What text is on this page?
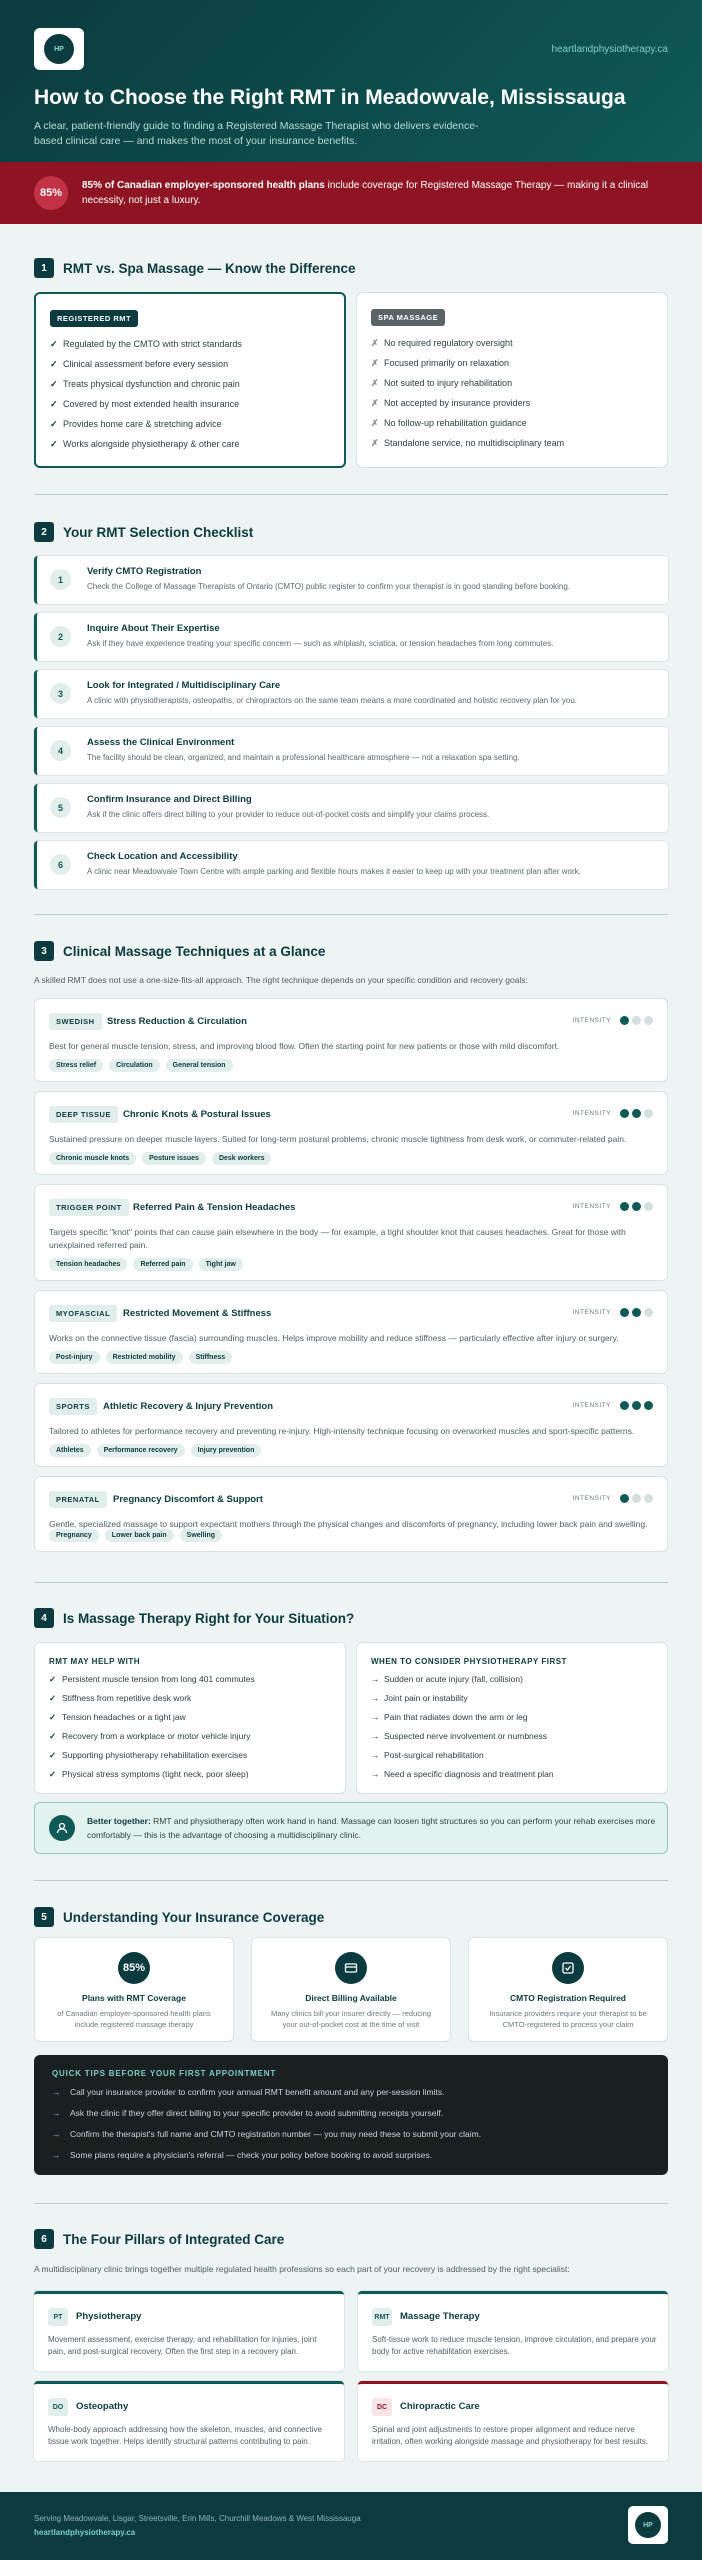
HP	heartlandphysiotherapy.ca
How to Choose the Right RMT in Meadowvale, Mississauga
A clear, patient-friendly guide to finding a Registered Massage Therapist who delivers evidence-based clinical care — and makes the most of your insurance benefits.
85%
85% of Canadian employer-sponsored health plans include coverage for Registered Massage Therapy — making it a clinical necessity, not just a luxury.
1	RMT vs. Spa Massage — Know the Difference
REGISTERED RMT
✓ Regulated by the CMTO with strict standards
✓ Clinical assessment before every session
✓ Treats physical dysfunction and chronic pain
✓ Covered by most extended health insurance
✓ Provides home care & stretching advice
✓ Works alongside physiotherapy & other care
SPA MASSAGE
✗ No required regulatory oversight
✗ Focused primarily on relaxation
✗ Not suited to injury rehabilitation
✗ Not accepted by insurance providers
✗ No follow-up rehabilitation guidance
✗ Standalone service, no multidisciplinary team
2	Your RMT Selection Checklist
1
Verify CMTO Registration
Check the College of Massage Therapists of Ontario (CMTO) public register to confirm your therapist is in good standing before booking.
2
Inquire About Their Expertise
Ask if they have experience treating your specific concern — such as whiplash, sciatica, or tension headaches from long commutes.
3
Look for Integrated / Multidisciplinary Care
A clinic with physiotherapists, osteopaths, or chiropractors on the same team means a more coordinated and holistic recovery plan for you.
4
Assess the Clinical Environment
The facility should be clean, organized, and maintain a professional healthcare atmosphere — not a relaxation spa setting.
5
Confirm Insurance and Direct Billing
Ask if the clinic offers direct billing to your provider to reduce out-of-pocket costs and simplify your claims process.
6
Check Location and Accessibility
A clinic near Meadowvale Town Centre with ample parking and flexible hours makes it easier to keep up with your treatment plan after work.
3	Clinical Massage Techniques at a Glance
A skilled RMT does not use a one-size-fits-all approach. The right technique depends on your specific condition and recovery goals:
SWEDISH	Stress Reduction & Circulation	INTENSITY
Best for general muscle tension, stress, and improving blood flow. Often the starting point for new patients or those with mild discomfort.
Stress relief	Circulation	General tension
DEEP TISSUE	Chronic Knots & Postural Issues	INTENSITY
Sustained pressure on deeper muscle layers. Suited for long-term postural problems, chronic muscle tightness from desk work, or commuter-related pain.
Chronic muscle knots	Posture issues	Desk workers
TRIGGER POINT	Referred Pain & Tension Headaches	INTENSITY
Targets specific "knot" points that can cause pain elsewhere in the body — for example, a tight shoulder knot that causes headaches. Great for those with unexplained referred pain.
Tension headaches	Referred pain	Tight jaw
MYOFASCIAL	Restricted Movement & Stiffness	INTENSITY
Works on the connective tissue (fascia) surrounding muscles. Helps improve mobility and reduce stiffness — particularly effective after injury or surgery.
Post-injury	Restricted mobility	Stiffness
SPORTS	Athletic Recovery & Injury Prevention	INTENSITY
Tailored to athletes for performance recovery and preventing re-injury. High-intensity technique focusing on overworked muscles and sport-specific patterns.
Athletes	Performance recovery	Injury prevention
PRENATAL	Pregnancy Discomfort & Support	INTENSITY
Gentle, specialized massage to support expectant mothers through the physical changes and discomforts of pregnancy, including lower back pain and swelling.
Pregnancy	Lower back pain	Swelling
4	Is Massage Therapy Right for Your Situation?
RMT MAY HELP WITH
✓ Persistent muscle tension from long 401 commutes
✓ Stiffness from repetitive desk work
✓ Tension headaches or a tight jaw
✓ Recovery from a workplace or motor vehicle injury
✓ Supporting physiotherapy rehabilitation exercises
✓ Physical stress symptoms (tight neck, poor sleep)
WHEN TO CONSIDER PHYSIOTHERAPY FIRST
→ Sudden or acute injury (fall, collision)
→ Joint pain or instability
→ Pain that radiates down the arm or leg
→ Suspected nerve involvement or numbness
→ Post-surgical rehabilitation
→ Need a specific diagnosis and treatment plan
Better together: RMT and physiotherapy often work hand in hand. Massage can loosen tight structures so you can perform your rehab exercises more comfortably — this is the advantage of choosing a multidisciplinary clinic.
5	Understanding Your Insurance Coverage
85%
Plans with RMT Coverage
of Canadian employer-sponsored health plans include registered massage therapy
Direct Billing Available
Many clinics bill your insurer directly — reducing your out-of-pocket cost at the time of visit
CMTO Registration Required
Insurance providers require your therapist to be CMTO-registered to process your claim
QUICK TIPS BEFORE YOUR FIRST APPOINTMENT
→	Call your insurance provider to confirm your annual RMT benefit amount and any per-session limits.
→	Ask the clinic if they offer direct billing to your specific provider to avoid submitting receipts yourself.
→	Confirm the therapist's full name and CMTO registration number — you may need these to submit your claim.
→	Some plans require a physician's referral — check your policy before booking to avoid surprises.
6	The Four Pillars of Integrated Care
A multidisciplinary clinic brings together multiple regulated health professions so each part of your recovery is addressed by the right specialist:
PT	Physiotherapy
Movement assessment, exercise therapy, and rehabilitation for injuries, joint pain, and post-surgical recovery. Often the first step in a recovery plan.
RMT Massage Therapy
Soft-tissue work to reduce muscle tension, improve circulation, and prepare your body for active rehabilitation exercises.
DO	Osteopathy
Whole-body approach addressing how the skeleton, muscles, and connective tissue work together. Helps identify structural patterns contributing to pain.
DC	Chiropractic Care
Spinal and joint adjustments to restore proper alignment and reduce nerve irritation, often working alongside massage and physiotherapy for best results.
Serving Meadowvale, Lisgar, Streetsville, Erin Mills, Churchill Meadows & West Mississauga
heartlandphysiotherapy.ca
HP
